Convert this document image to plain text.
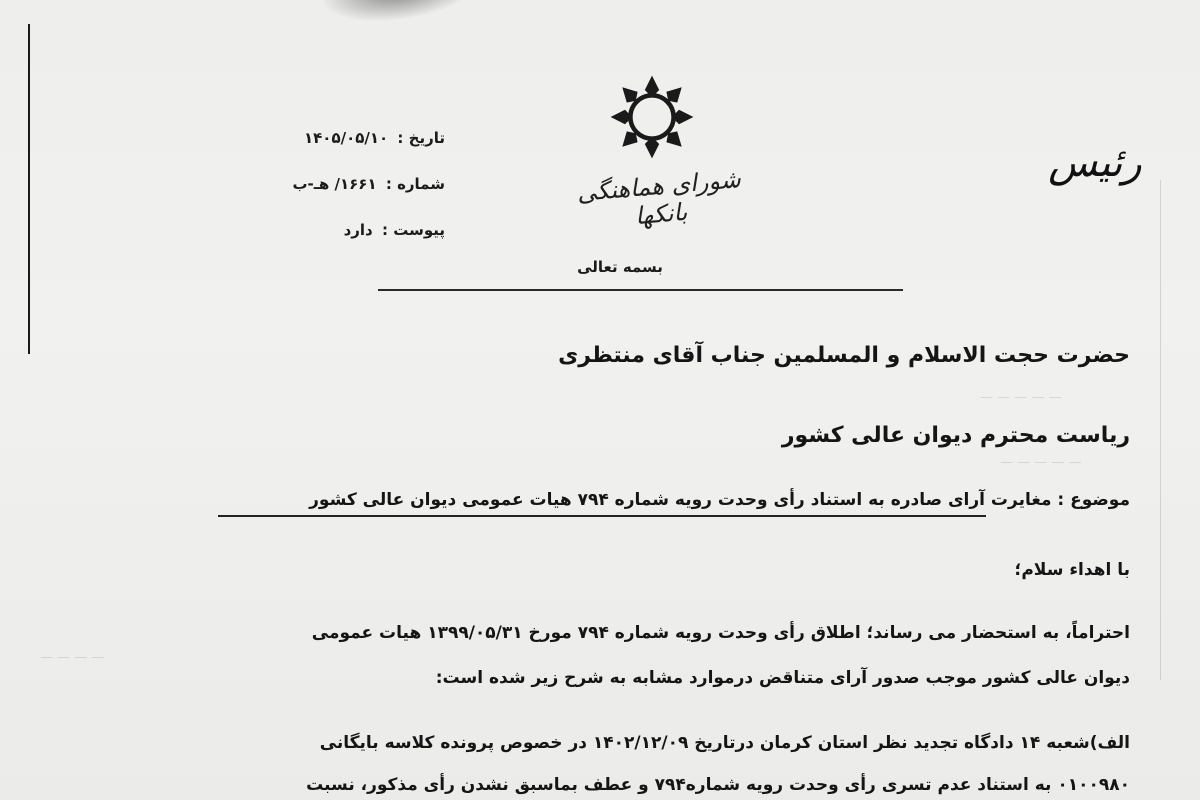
— — — — —
— — — — —
— — — —
تاریخ : ۱۴۰۵/۰۵/۱۰
شماره : ۱۶۶۱/ هـ-ب
پیوست : دارد
شورای هماهنگی بانکها
بسمه تعالی
رئیس
حضرت حجت الاسلام و المسلمین جناب آقای منتظری
ریاست محترم دیوان عالی کشور
موضوع : مغایرت آرای صادره به استناد رأی وحدت رویه شماره ۷۹۴ هیات عمومی دیوان عالی کشور
با اهداء سلام؛
احتراماً، به استحضار می رساند؛ اطلاق رأی وحدت رویه شماره ۷۹۴ مورخ ۱۳۹۹/۰۵/۳۱ هیات عمومی
دیوان عالی کشور موجب صدور آرای متناقض درموارد مشابه به شرح زیر شده است:
الف)شعبه ۱۴ دادگاه تجدید نظر استان کرمان درتاریخ ۱۴۰۲/۱۲/۰۹ در خصوص پرونده کلاسه بایگانی
۰۱۰۰۹۸۰ به استناد عدم تسری رأی وحدت رویه شماره۷۹۴ و عطف بماسبق نشدن رأی مذکور، نسبت
